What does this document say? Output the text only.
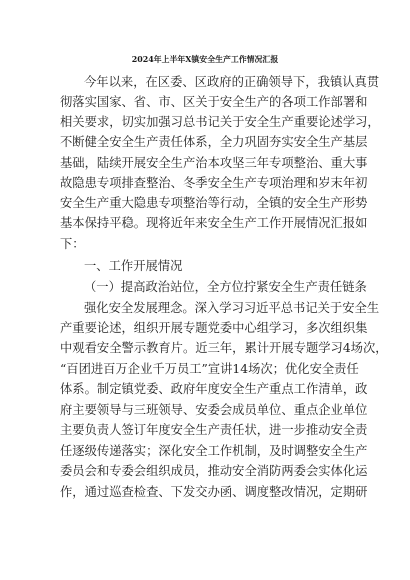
2024年上半年X镇安全生产工作情况汇报
今年以来，在区委、区政府的正确领导下，我镇认真贯
彻落实国家、省、市、区关于安全生产的各项工作部署和
相关要求，切实加强习总书记关于安全生产重要论述学习，
不断健全安全生产责任体系，全力巩固夯实安全生产基层
基础，陆续开展安全生产治本攻坚三年专项整治、重大事
故隐患专项排查整治、冬季安全生产专项治理和岁末年初
安全生产重大隐患专项整治等行动，全镇的安全生产形势
基本保持平稳。现将近年来安全生产工作开展情况汇报如
下：
一、工作开展情况
（一）提高政治站位，全方位拧紧安全生产责任链条
强化安全发展理念。深入学习习近平总书记关于安全生
产重要论述，组织开展专题党委中心组学习，多次组织集
中观看安全警示教育片。近三年，累计开展专题学习4场次，
“百团进百万企业千万员工”宣讲14场次；优化安全责任
体系。制定镇党委、政府年度安全生产重点工作清单，政
府主要领导与三班领导、安委会成员单位、重点企业单位
主要负责人签订年度安全生产责任状，进一步推动安全责
任逐级传递落实；深化安全工作机制，及时调整安全生产
委员会和专委会组织成员，推动安全消防两委会实体化运
作，通过巡查检查、下发交办函、调度整改情况，定期研
